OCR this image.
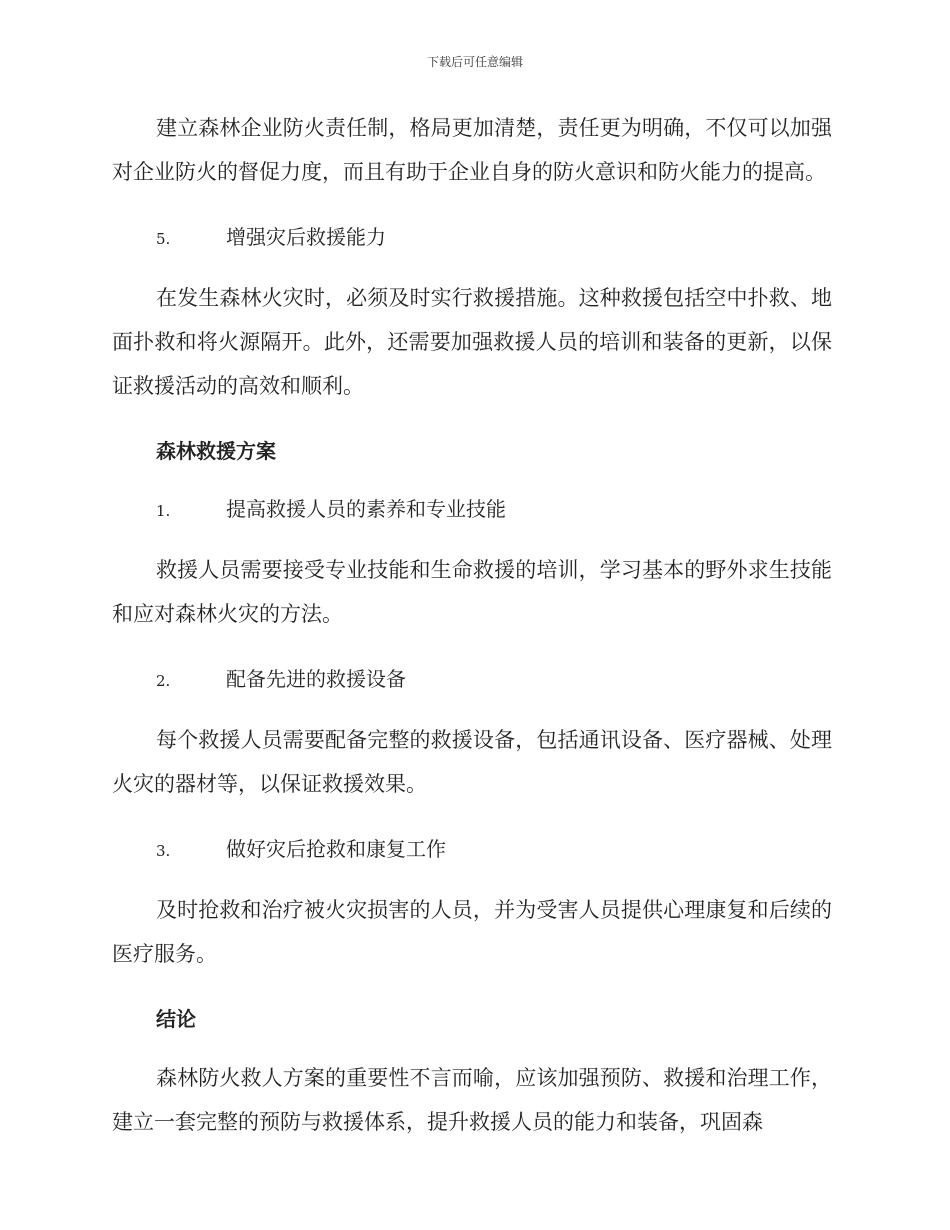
下载后可任意编辑

建立森林企业防火责任制，格局更加清楚，责任更为明确，不仅可以加强对企业防火的督促力度，而且有助于企业自身的防火意识和防火能力的提高。

5.	增强灾后救援能力

在发生森林火灾时，必须及时实行救援措施。这种救援包括空中扑救、地面扑救和将火源隔开。此外，还需要加强救援人员的培训和装备的更新，以保证救援活动的高效和顺利。

森林救援方案
1.	提高救援人员的素养和专业技能

救援人员需要接受专业技能和生命救援的培训，学习基本的野外求生技能和应对森林火灾的方法。

2.	配备先进的救援设备

每个救援人员需要配备完整的救援设备，包括通讯设备、医疗器械、处理火灾的器材等，以保证救援效果。

3.	做好灾后抢救和康复工作

及时抢救和治疗被火灾损害的人员，并为受害人员提供心理康复和后续的医疗服务。

结论

森林防火救人方案的重要性不言而喻，应该加强预防、救援和治理工作，建立一套完整的预防与救援体系，提升救援人员的能力和装备，巩固森
